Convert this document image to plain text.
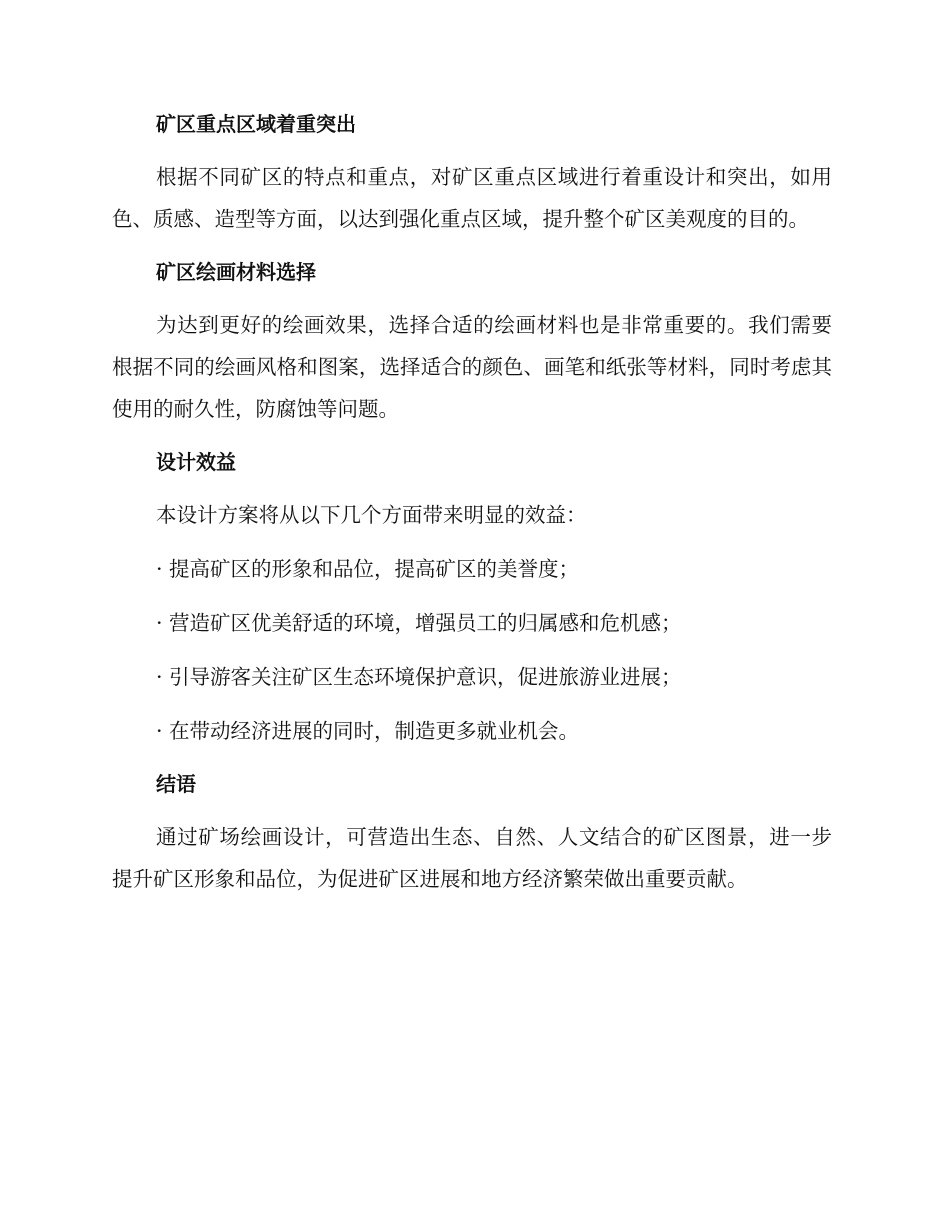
矿区重点区域着重突出

根据不同矿区的特点和重点，对矿区重点区域进行着重设计和突出，如用色、质感、造型等方面，以达到强化重点区域，提升整个矿区美观度的目的。

矿区绘画材料选择

为达到更好的绘画效果，选择合适的绘画材料也是非常重要的。我们需要根据不同的绘画风格和图案，选择适合的颜色、画笔和纸张等材料，同时考虑其使用的耐久性，防腐蚀等问题。

设计效益

本设计方案将从以下几个方面带来明显的效益：

· 提高矿区的形象和品位，提高矿区的美誉度；

· 营造矿区优美舒适的环境，增强员工的归属感和危机感；

· 引导游客关注矿区生态环境保护意识，促进旅游业进展；

· 在带动经济进展的同时，制造更多就业机会。

结语

通过矿场绘画设计，可营造出生态、自然、人文结合的矿区图景，进一步提升矿区形象和品位，为促进矿区进展和地方经济繁荣做出重要贡献。
